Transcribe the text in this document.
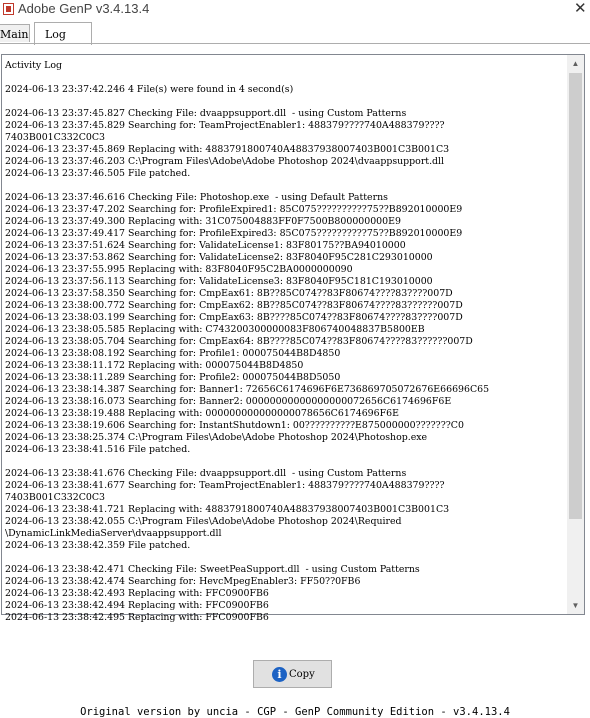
Adobe GenP v3.4.13.4	✕
Main	Log
Activity Log

2024-06-13 23:37:42.246 4 File(s) were found in 4 second(s)

2024-06-13 23:37:45.827 Checking File: dvaappsupport.dll  - using Custom Patterns
2024-06-13 23:37:45.829 Searching for: TeamProjectEnabler1: 488379????740A488379????
7403B001C332C0C3
2024-06-13 23:37:45.869 Replacing with: 4883791800740A48837938007403B001C3B001C3
2024-06-13 23:37:46.203 C:\Program Files\Adobe\Adobe Photoshop 2024\dvaappsupport.dll
2024-06-13 23:37:46.505 File patched.

2024-06-13 23:37:46.616 Checking File: Photoshop.exe  - using Default Patterns
2024-06-13 23:37:47.202 Searching for: ProfileExpired1: 85C075??????????75??B892010000E9
2024-06-13 23:37:49.300 Replacing with: 31C075004883FF0F7500B800000000E9
2024-06-13 23:37:49.417 Searching for: ProfileExpired3: 85C075??????????75??B892010000E9
2024-06-13 23:37:51.624 Searching for: ValidateLicense1: 83F80175??BA94010000
2024-06-13 23:37:53.862 Searching for: ValidateLicense2: 83F8040F95C281C293010000
2024-06-13 23:37:55.995 Replacing with: 83F8040F95C2BA0000000090
2024-06-13 23:37:56.113 Searching for: ValidateLicense3: 83F8040F95C181C193010000
2024-06-13 23:37:58.350 Searching for: CmpEax61: 8B??85C074??83F80674????83????007D
2024-06-13 23:38:00.772 Searching for: CmpEax62: 8B??85C074??83F80674????83??????007D
2024-06-13 23:38:03.199 Searching for: CmpEax63: 8B????85C074??83F80674????83????007D
2024-06-13 23:38:05.585 Replacing with: C743200300000083F806740048837B5800EB
2024-06-13 23:38:05.704 Searching for: CmpEax64: 8B????85C074??83F80674????83??????007D
2024-06-13 23:38:08.192 Searching for: Profile1: 000075044B8D4850
2024-06-13 23:38:11.172 Replacing with: 000075044B8D4850
2024-06-13 23:38:11.289 Searching for: Profile2: 000075044B8D5050
2024-06-13 23:38:14.387 Searching for: Banner1: 72656C6174696F6E736869705072676E66696C65
2024-06-13 23:38:16.073 Searching for: Banner2: 00000000000000000072656C6174696F6E
2024-06-13 23:38:19.488 Replacing with: 000000000000000078656C6174696F6E
2024-06-13 23:38:19.606 Searching for: InstantShutdown1: 00??????????E875000000???????C0
2024-06-13 23:38:25.374 C:\Program Files\Adobe\Adobe Photoshop 2024\Photoshop.exe
2024-06-13 23:38:41.516 File patched.

2024-06-13 23:38:41.676 Checking File: dvaappsupport.dll  - using Custom Patterns
2024-06-13 23:38:41.677 Searching for: TeamProjectEnabler1: 488379????740A488379????
7403B001C332C0C3
2024-06-13 23:38:41.721 Replacing with: 4883791800740A48837938007403B001C3B001C3
2024-06-13 23:38:42.055 C:\Program Files\Adobe\Adobe Photoshop 2024\Required
\DynamicLinkMediaServer\dvaappsupport.dll
2024-06-13 23:38:42.359 File patched.

2024-06-13 23:38:42.471 Checking File: SweetPeaSupport.dll  - using Custom Patterns
2024-06-13 23:38:42.474 Searching for: HevcMpegEnabler3: FF50??0FB6
2024-06-13 23:38:42.493 Replacing with: FFC0900FB6
2024-06-13 23:38:42.494 Replacing with: FFC0900FB6
2024-06-13 23:38:42.495 Replacing with: FFC0900FB6
▲
▼
i Copy
Original version by uncia - CGP - GenP Community Edition - v3.4.13.4
